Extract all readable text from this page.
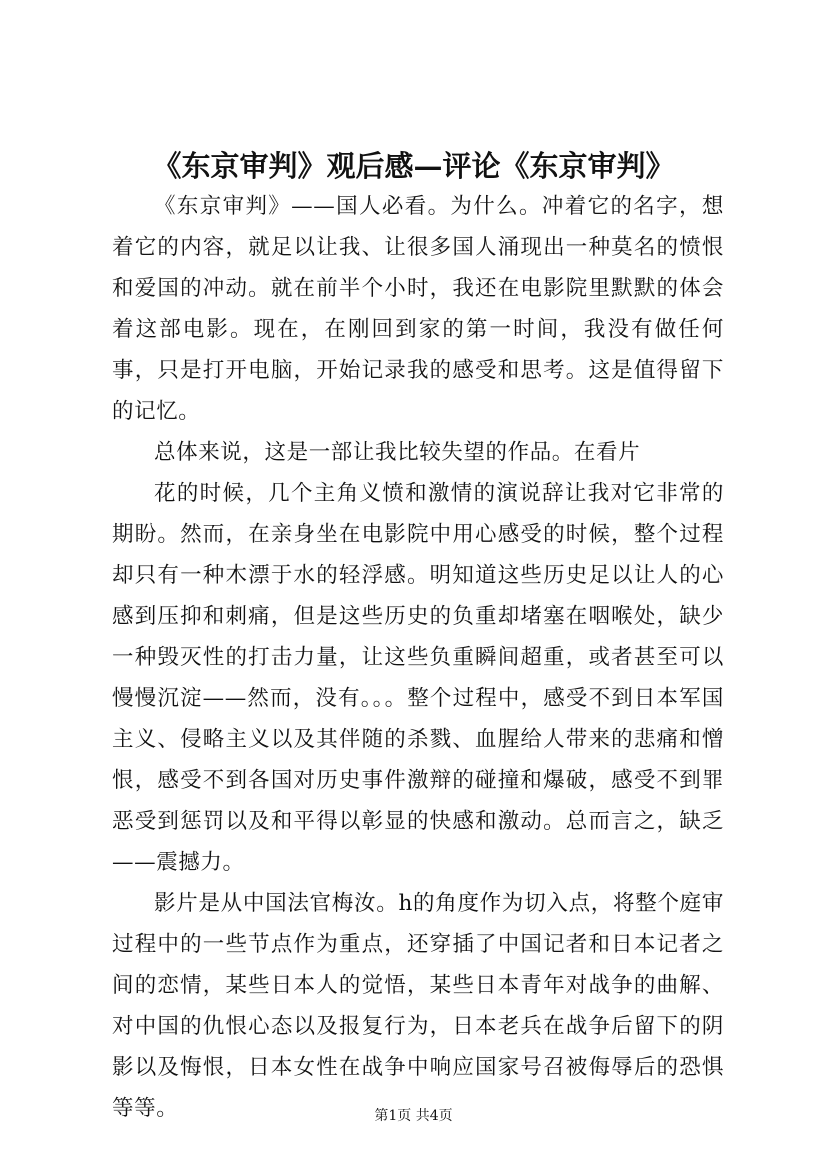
《东京审判》观后感—评论《东京审判》

《东京审判》——国人必看。为什么。冲着它的名字，想着它的内容，就足以让我、让很多国人涌现出一种莫名的愤恨和爱国的冲动。就在前半个小时，我还在电影院里默默的体会着这部电影。现在，在刚回到家的第一时间，我没有做任何事，只是打开电脑，开始记录我的感受和思考。这是值得留下的记忆。

总体来说，这是一部让我比较失望的作品。在看片

花的时候，几个主角义愤和激情的演说辞让我对它非常的期盼。然而，在亲身坐在电影院中用心感受的时候，整个过程却只有一种木漂于水的轻浮感。明知道这些历史足以让人的心感到压抑和刺痛，但是这些历史的负重却堵塞在咽喉处，缺少一种毁灭性的打击力量，让这些负重瞬间超重，或者甚至可以慢慢沉淀——然而，没有。。。整个过程中，感受不到日本军国主义、侵略主义以及其伴随的杀戮、血腥给人带来的悲痛和憎恨，感受不到各国对历史事件激辩的碰撞和爆破，感受不到罪恶受到惩罚以及和平得以彰显的快感和激动。总而言之，缺乏——震撼力。

影片是从中国法官梅汝。h的角度作为切入点，将整个庭审过程中的一些节点作为重点，还穿插了中国记者和日本记者之间的恋情，某些日本人的觉悟，某些日本青年对战争的曲解、对中国的仇恨心态以及报复行为，日本老兵在战争后留下的阴影以及悔恨，日本女性在战争中响应国家号召被侮辱后的恐惧等等。	第1页 共4页
